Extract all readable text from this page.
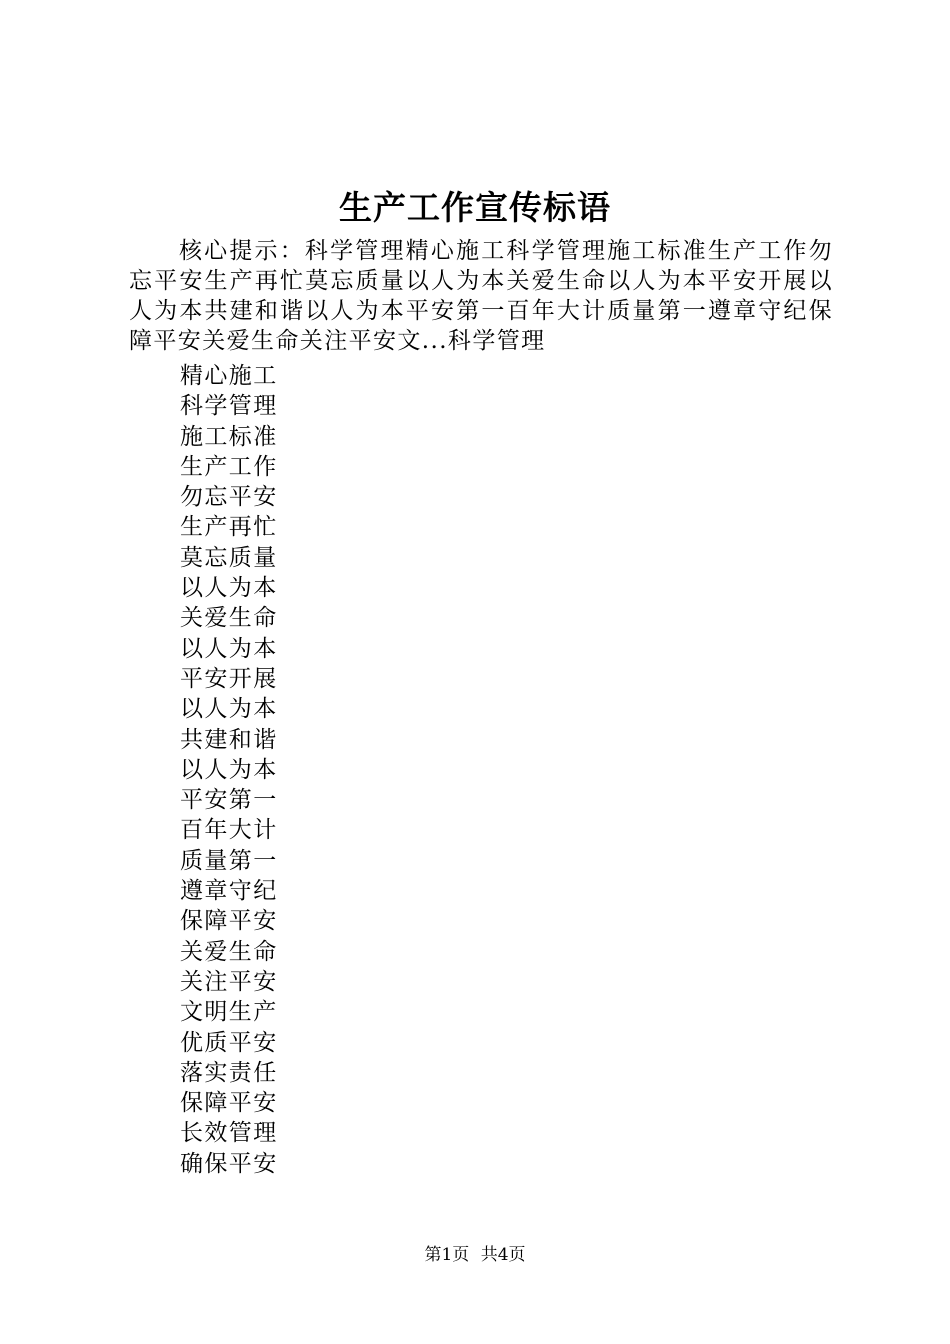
生产工作宣传标语
核心提示：科学管理精心施工科学管理施工标准生产工作勿忘平安生产再忙莫忘质量以人为本关爱生命以人为本平安开展以人为本共建和谐以人为本平安第一百年大计质量第一遵章守纪保障平安关爱生命关注平安文...科学管理
精心施工
科学管理
施工标准
生产工作
勿忘平安
生产再忙
莫忘质量
以人为本
关爱生命
以人为本
平安开展
以人为本
共建和谐
以人为本
平安第一
百年大计
质量第一
遵章守纪
保障平安
关爱生命
关注平安
文明生产
优质平安
落实责任
保障平安
长效管理
确保平安
第1页 共4页
